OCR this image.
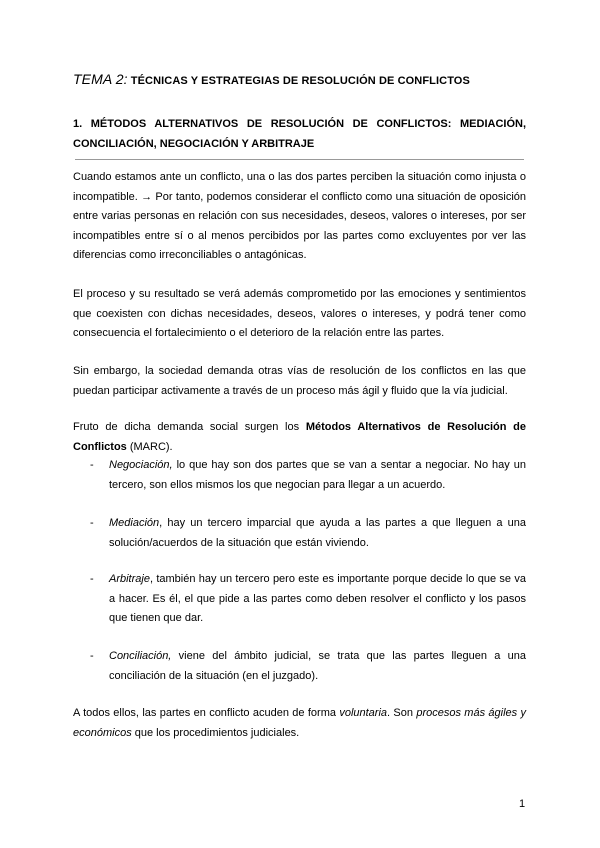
TEMA 2: TÉCNICAS Y ESTRATEGIAS DE RESOLUCIÓN DE CONFLICTOS
1. MÉTODOS ALTERNATIVOS DE RESOLUCIÓN DE CONFLICTOS: MEDIACIÓN, CONCILIACIÓN, NEGOCIACIÓN Y ARBITRAJE
Cuando estamos ante un conflicto, una o las dos partes perciben la situación como injusta o incompatible. → Por tanto, podemos considerar el conflicto como una situación de oposición entre varias personas en relación con sus necesidades, deseos, valores o intereses, por ser incompatibles entre sí o al menos percibidos por las partes como excluyentes por ver las diferencias como irreconciliables o antagónicas.
El proceso y su resultado se verá además comprometido por las emociones y sentimientos que coexisten con dichas necesidades, deseos, valores o intereses, y podrá tener como consecuencia el fortalecimiento o el deterioro de la relación entre las partes.
Sin embargo, la sociedad demanda otras vías de resolución de los conflictos en las que puedan participar activamente a través de un proceso más ágil y fluido que la vía judicial.
Fruto de dicha demanda social surgen los Métodos Alternativos de Resolución de Conflictos (MARC).
- Negociación, lo que hay son dos partes que se van a sentar a negociar. No hay un tercero, son ellos mismos los que negocian para llegar a un acuerdo.
- Mediación, hay un tercero imparcial que ayuda a las partes a que lleguen a una solución/acuerdos de la situación que están viviendo.
- Arbitraje, también hay un tercero pero este es importante porque decide lo que se va a hacer. Es él, el que pide a las partes como deben resolver el conflicto y los pasos que tienen que dar.
- Conciliación, viene del ámbito judicial, se trata que las partes lleguen a una conciliación de la situación (en el juzgado).
A todos ellos, las partes en conflicto acuden de forma voluntaria. Son procesos más ágiles y económicos que los procedimientos judiciales.
1
